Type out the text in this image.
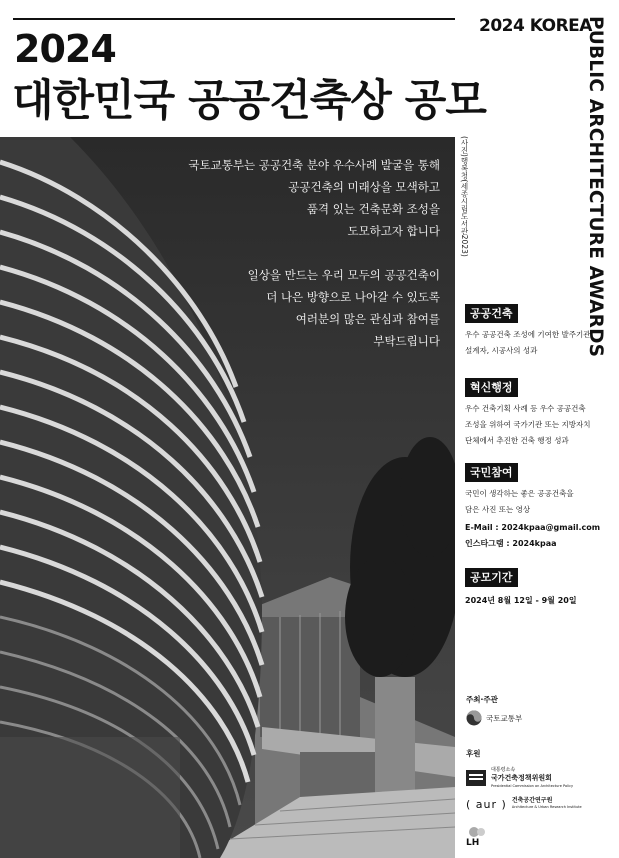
2024
대한민국 공공건축상 공모
2024 KOREA
PUBLIC ARCHITECTURE AWARDS
(사진)행복청(세종시립도서관2023)

국토교통부는 공공건축 분야 우수사례 발굴을 통해

공공건축의 미래상을 모색하고

품격 있는 건축문화 조성을

도모하고자 합니다

일상을 만드는 우리 모두의 공공건축이

더 나은 방향으로 나아갈 수 있도록

여러분의 많은 관심과 참여를

부탁드립니다

공공건축
우수 공공건축 조성에 기여한 발주기관,
설계자, 시공사의 성과
혁신행정
우수 건축기획 사례 등 우수 공공건축
조성을 위하여 국가기관 또는 지방자치
단체에서 추진한 건축 행정 성과
국민참여
국민이 생각하는 좋은 공공건축을
담은 사진 또는 영상
E-Mail : 2024kpaa@gmail.com
인스타그램 : 2024kpaa
공모기간
2024년 8월 12일 - 9월 20일
주최·주관
국토교통부
후원
대통령소속
국가건축정책위원회
Presidential Commission on Architecture Policy
( aur ) 건축공간연구원
Architecture & Urban Research Institute
LH
